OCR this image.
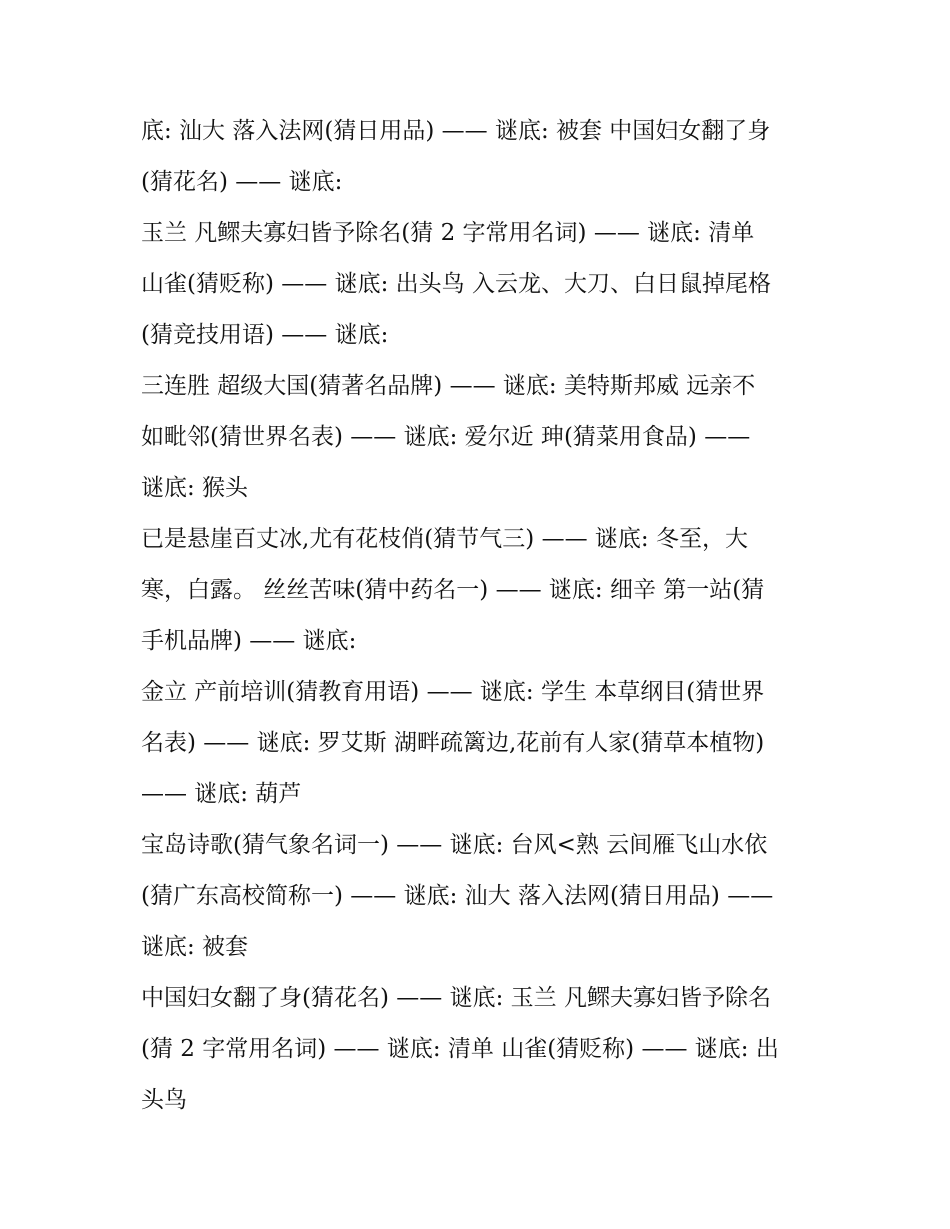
底: 汕大 落入法网(猜日用品) —— 谜底: 被套 中国妇女翻了身
(猜花名) —— 谜底:
玉兰 凡鳏夫寡妇皆予除名(猜 2 字常用名词) —— 谜底: 清单
山雀(猜贬称) —— 谜底: 出头鸟 入云龙、大刀、白日鼠掉尾格
(猜竞技用语) —— 谜底:
三连胜 超级大国(猜著名品牌) —— 谜底: 美特斯邦威 远亲不
如毗邻(猜世界名表) —— 谜底: 爱尔近 珅(猜菜用食品) ——
谜底: 猴头
已是悬崖百丈冰,尤有花枝俏(猜节气三) —— 谜底: 冬至，大
寒，白露。 丝丝苦味(猜中药名一) —— 谜底: 细辛 第一站(猜
手机品牌) —— 谜底:
金立 产前培训(猜教育用语) —— 谜底: 学生 本草纲目(猜世界
名表) —— 谜底: 罗艾斯 湖畔疏篱边,花前有人家(猜草本植物)
—— 谜底: 葫芦
宝岛诗歌(猜气象名词一) —— 谜底: 台风<熟 云间雁飞山水依
(猜广东高校简称一) —— 谜底: 汕大 落入法网(猜日用品) ——
谜底: 被套
中国妇女翻了身(猜花名) —— 谜底: 玉兰 凡鳏夫寡妇皆予除名
(猜 2 字常用名词) —— 谜底: 清单 山雀(猜贬称) —— 谜底: 出
头鸟
